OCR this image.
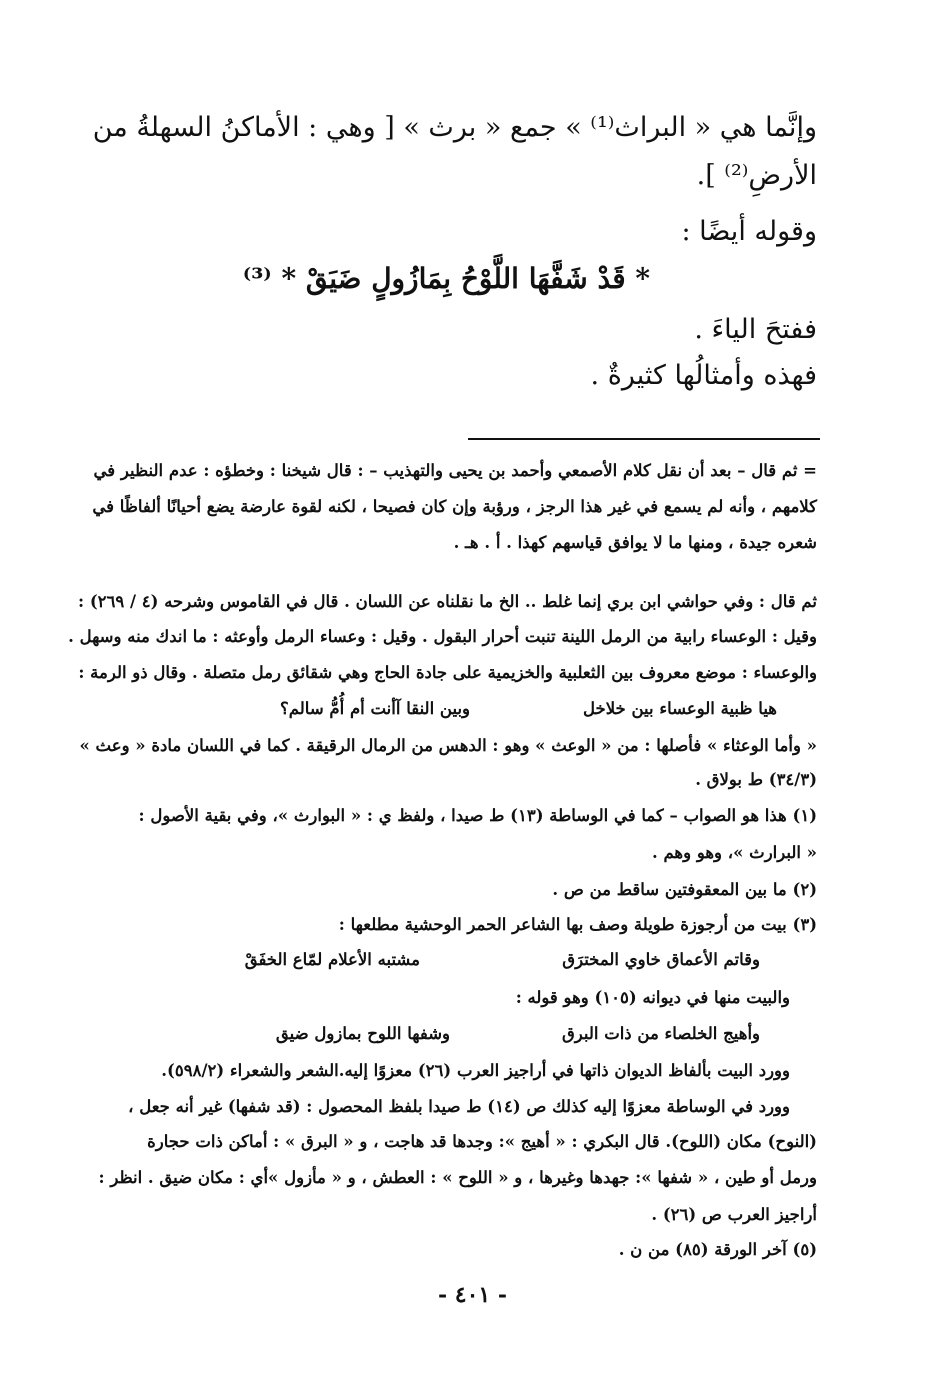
وإنَّما هي « البراث⁽¹⁾ » جمع « برث » [ وهي : الأماكنُ السهلةُ من
الأرضِ⁽²⁾ ].
وقوله أيضًا :
* قَدْ شَفَّهَا اللَّوْحُ بِمَازُولٍ ضَيَقْ * ⁽³⁾
ففتحَ الياءَ .
فهذه وأمثالُها كثيرةٌ .
= ثم قال – بعد أن نقل كلام الأصمعي وأحمد بن يحيى والتهذيب – : قال شيخنا : وخطؤه : عدم النظير في
كلامهم ، وأنه لم يسمع في غير هذا الرجز ، ورؤبة وإن كان فصيحا ، لكنه لقوة عارضة يضع أحيانًا ألفاظًا في
شعره جيدة ، ومنها ما لا يوافق قياسهم كهذا . أ . هـ .
ثم قال : وفي حواشي ابن بري إنما غلط .. الخ ما نقلناه عن اللسان . قال في القاموس وشرحه (٤ / ٢٦٩) :
وقيل : الوعساء رابية من الرمل اللينة تنبت أحرار البقول . وقيل : وعساء الرمل وأوعثه : ما اندك منه وسهل .
والوعساء : موضع معروف بين الثعلبية والخزيمية على جادة الحاج وهي شقائق رمل متصلة . وقال ذو الرمة :
هيا ظبية الوعساء بين خلاخل
وبين النقا آأنت أم أُمُّ سالم؟
« وأما الوعثاء » فأصلها : من « الوعث » وهو : الدهس من الرمال الرقيقة . كما في اللسان مادة « وعث »
(٣٤/٣) ط بولاق .
(١) هذا هو الصواب – كما في الوساطة (١٣) ط صيدا ، ولفظ ي : « البوارث »، وفي بقية الأصول :
« البرارث »، وهو وهم .
(٢) ما بين المعقوفتين ساقط من ص .
(٣) بيت من أرجوزة طويلة وصف بها الشاعر الحمر الوحشية مطلعها :
وقاتم الأعماق خاوي المخترَق
مشتبه الأعلام لمّاع الخفَقْ
والبيت منها في ديوانه (١٠٥) وهو قوله :
وأهيج الخلصاء من ذات البرق
وشفها اللوح بمازول ضيق
وورد البيت بألفاظ الديوان ذاتها في أراجيز العرب (٢٦) معزوًا إليه.الشعر والشعراء (٥٩٨/٢).
وورد في الوساطة معزوًا إليه كذلك ص (١٤) ط صيدا بلفظ المحصول : (قد شفها) غير أنه جعل ،
(النوح) مكان (اللوح). قال البكري : « أهيج »: وجدها قد هاجت ، و « البرق » : أماكن ذات حجارة
ورمل أو طين ، « شفها »: جهدها وغيرها ، و « اللوح » : العطش ، و « مأزول »أي : مكان ضيق . انظر :
أراجيز العرب ص (٢٦) .
(٥) آخر الورقة (٨٥) من ن .
- ٤٠١ -
